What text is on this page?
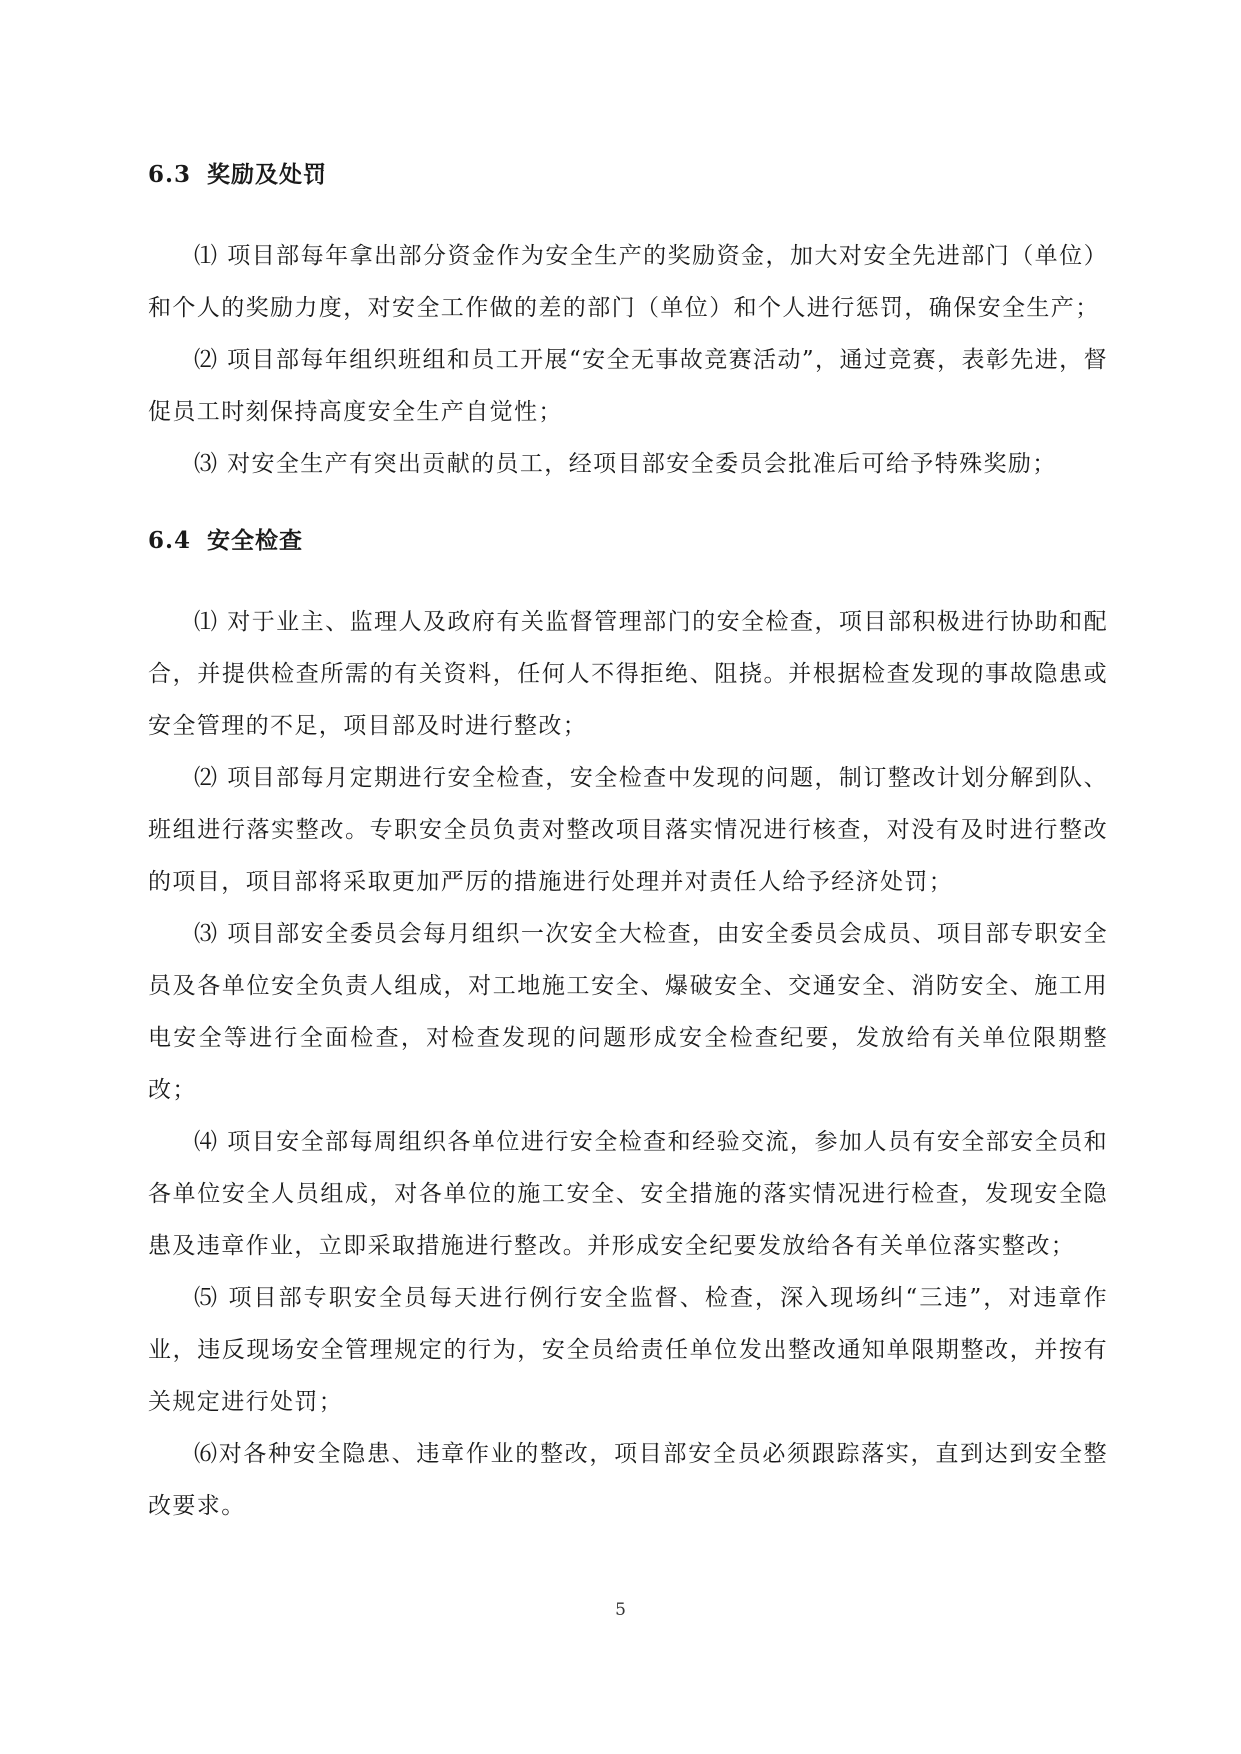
6.3 奖励及处罚

⑴ 项目部每年拿出部分资金作为安全生产的奖励资金，加大对安全先进部门（单位）和个人的奖励力度，对安全工作做的差的部门（单位）和个人进行惩罚，确保安全生产；

⑵ 项目部每年组织班组和员工开展“安全无事故竞赛活动”，通过竞赛，表彰先进，督促员工时刻保持高度安全生产自觉性；

⑶ 对安全生产有突出贡献的员工，经项目部安全委员会批准后可给予特殊奖励；

6.4 安全检查

⑴ 对于业主、监理人及政府有关监督管理部门的安全检查，项目部积极进行协助和配合，并提供检查所需的有关资料，任何人不得拒绝、阻挠。并根据检查发现的事故隐患或安全管理的不足，项目部及时进行整改；

⑵ 项目部每月定期进行安全检查，安全检查中发现的问题，制订整改计划分解到队、班组进行落实整改。专职安全员负责对整改项目落实情况进行核查，对没有及时进行整改的项目，项目部将采取更加严厉的措施进行处理并对责任人给予经济处罚；

⑶ 项目部安全委员会每月组织一次安全大检查，由安全委员会成员、项目部专职安全员及各单位安全负责人组成，对工地施工安全、爆破安全、交通安全、消防安全、施工用电安全等进行全面检查，对检查发现的问题形成安全检查纪要，发放给有关单位限期整改；

⑷ 项目安全部每周组织各单位进行安全检查和经验交流，参加人员有安全部安全员和各单位安全人员组成，对各单位的施工安全、安全措施的落实情况进行检查，发现安全隐患及违章作业，立即采取措施进行整改。并形成安全纪要发放给各有关单位落实整改；

⑸ 项目部专职安全员每天进行例行安全监督、检查，深入现场纠“三违”，对违章作业，违反现场安全管理规定的行为，安全员给责任单位发出整改通知单限期整改，并按有关规定进行处罚；

⑹对各种安全隐患、违章作业的整改，项目部安全员必须跟踪落实，直到达到安全整改要求。

5
